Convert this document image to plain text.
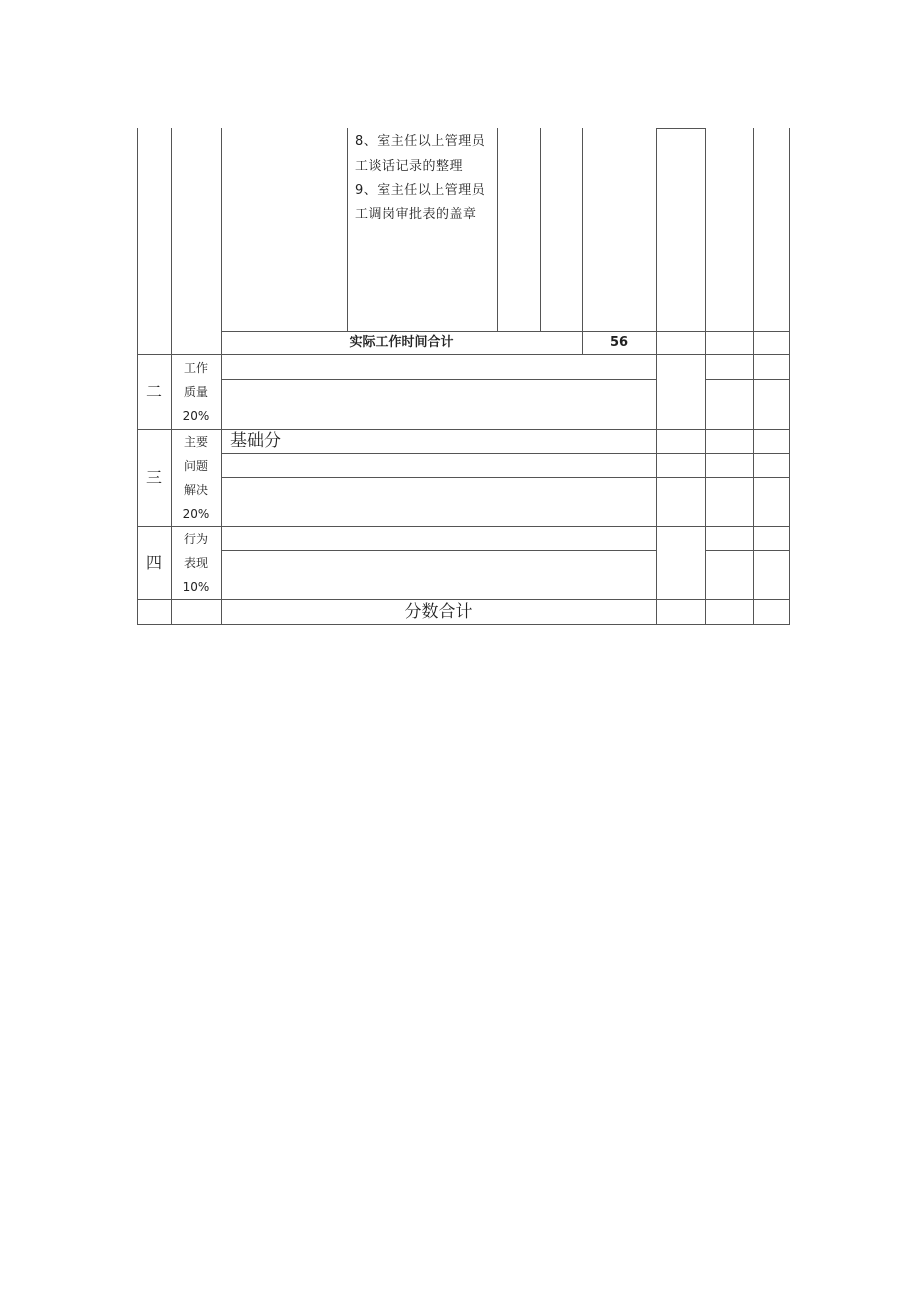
8、室主任以上管理员
工谈话记录的整理
9、室主任以上管理员
工调岗审批表的盖章
实际工作时间合计	56
二
工作
质量
20%
三
主要
问题
解决
20%
基础分
四
行为
表现
10%
分数合计
